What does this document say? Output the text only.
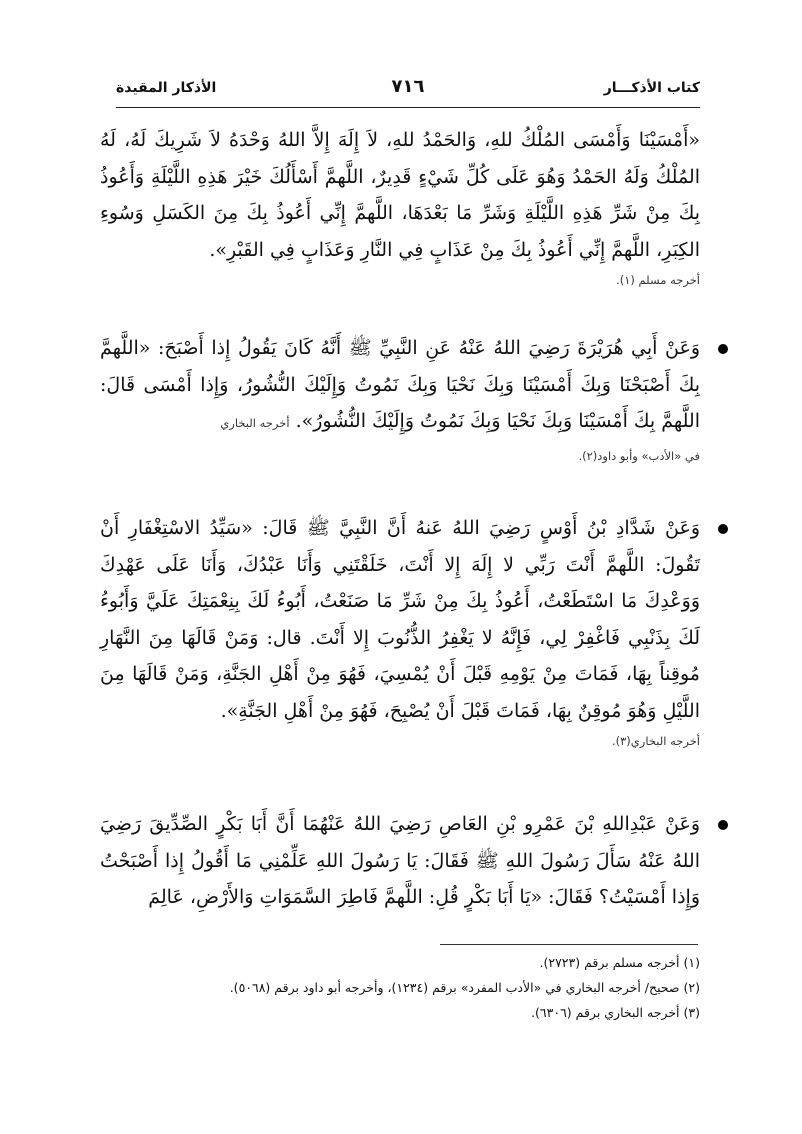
كتاب الأذكـــار
٧١٦
الأذكار المقيدة

«أَمْسَيْنَا وَأَمْسَى المُلْكُ للهِ، وَالحَمْدُ للهِ، لاَ إِلَهَ إِلاَّ اللهُ وَحْدَهُ لاَ شَرِيكَ لَهُ، لَهُ المُلْكُ وَلَهُ الحَمْدُ وَهُوَ عَلَى كُلِّ شَيْءٍ قَدِيرٌ، اللَّهمَّ أَسْأَلُكَ خَيْرَ هَذِهِ اللَّيْلَةِ وَأَعُوذُ بِكَ مِنْ شَرِّ هَذِهِ اللَّيْلَةِ وَشَرِّ مَا بَعْدَهَا، اللَّهمَّ إِنِّي أَعُوذُ بِكَ مِنَ الكَسَلِ وَسُوءِ الكِبَرِ، اللَّهمَّ إِنِّي أَعُوذُ بِكَ مِنْ عَذَابٍ فِي النَّارِ وَعَذَابٍ فِي القَبْرِ».

أخرجه مسلم (١).

وَعَنْ أَبِي هُرَيْرَةَ رَضِيَ اللهُ عَنْهُ عَنِ النَّبِيِّ ﷺ أَنَّهُ كَانَ يَقُولُ إِذا أَصْبَحَ: «اللَّهمَّ بِكَ أَصْبَحْنَا وَبِكَ أَمْسَيْنَا وَبِكَ نَحْيَا وَبِكَ نَمُوتُ وَإِلَيْكَ النُّشُورُ، وَإِذا أَمْسَى قَالَ: اللَّهمَّ بِكَ أَمْسَيْنَا وَبِكَ نَحْيَا وَبِكَ نَمُوتُ وَإِلَيْكَ النُّشُورُ». أخرجه البخاري

في «الأدب» وأبو داود(٢).

وَعَنْ شَدَّادِ بْنُ أَوْسٍ رَضِيَ اللهُ عَنهُ أَنَّ النَّبِيَّ ﷺ قَالَ: «سَيِّدُ الاسْتِغْفَارِ أَنْ تَقُولَ: اللَّهمَّ أَنْتَ رَبِّي لا إِلَهَ إِلا أَنْتَ، خَلَقْتَنِي وَأَنَا عَبْدُكَ، وَأَنَا عَلَى عَهْدِكَ وَوَعْدِكَ مَا اسْتَطَعْتُ، أَعُوذُ بِكَ مِنْ شَرِّ مَا صَنَعْتُ، أَبُوءُ لَكَ بِنِعْمَتِكَ عَلَيَّ وَأَبُوءُ لَكَ بِذَنْبِي فَاغْفِرْ لِي، فَإِنَّهُ لا يَغْفِرُ الذُّنُوبَ إِلا أَنْتَ. قال: وَمَنْ قَالَهَا مِنَ النَّهَارِ مُوقِناً بِهَا، فَمَاتَ مِنْ يَوْمِهِ قَبْلَ أَنْ يُمْسِيَ، فَهُوَ مِنْ أَهْلِ الجَنَّةِ، وَمَنْ قَالَهَا مِنَ اللَّيْلِ وَهُوَ مُوقِنٌ بِهَا، فَمَاتَ قَبْلَ أَنْ يُصْبِحَ، فَهُوَ مِنْ أَهْلِ الجَنَّةِ».

أخرجه البخاري(٣).

وَعَنْ عَبْدِاللهِ بْنَ عَمْرِو بْنِ العَاصِ رَضِيَ اللهُ عَنْهُمَا أَنَّ أَبَا بَكْرٍ الصِّدِّيقَ رَضِيَ اللهُ عَنْهُ سَأَلَ رَسُولَ اللهِ ﷺ فَقَالَ: يَا رَسُولَ اللهِ عَلِّمْنِي مَا أَقُولُ إِذا أَصْبَحْتُ وَإِذا أَمْسَيْتُ؟ فَقَالَ: «يَا أَبَا بَكْرٍ قُلِ: اللَّهمَّ فَاطِرَ السَّمَوَاتِ وَالأَرْضِ، عَالِمَ

(١) أخرجه مسلم برقم (٢٧٢٣).
(٢) صحيح/ أخرجه البخاري في «الأدب المفرد» برقم (١٢٣٤)، وأخرجه أبو داود برقم (٥٠٦٨).
(٣) أخرجه البخاري برقم (٦٣٠٦).
